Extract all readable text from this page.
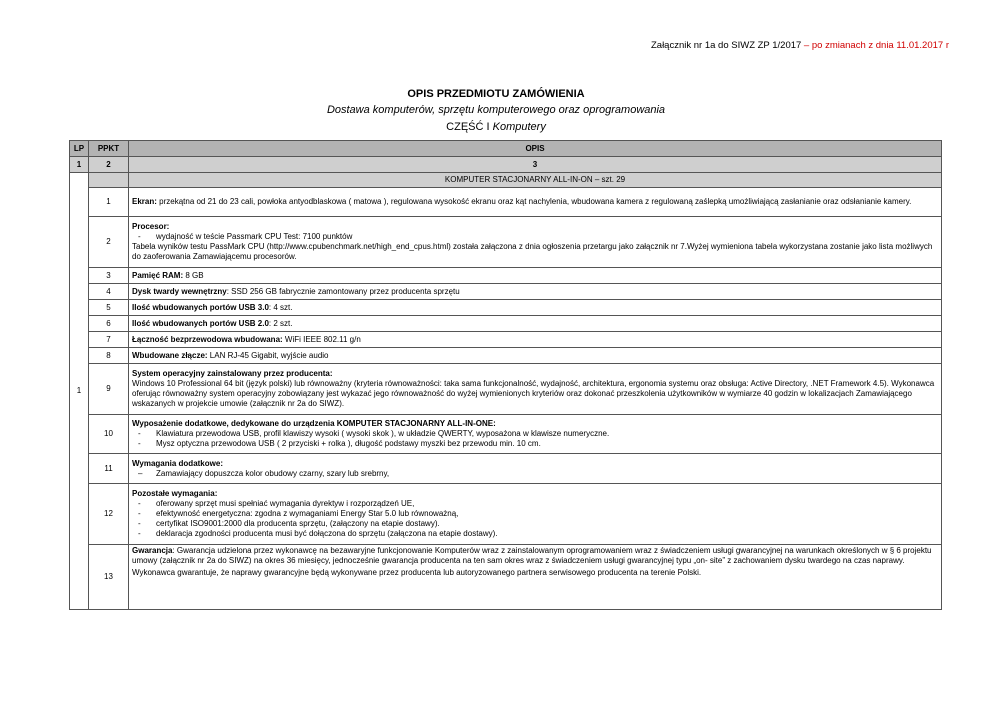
Załącznik nr 1a do SIWZ ZP 1/2017 – po zmianach z dnia 11.01.2017 r
OPIS PRZEDMIOTU ZAMÓWIENIA
Dostawa komputerów, sprzętu komputerowego oraz oprogramowania
CZĘŚĆ I Komputery
LP	PPKT	OPIS
1	2	3
1		KOMPUTER STACJONARNY ALL-IN-ON – szt. 29
	1	Ekran: przekątna od 21 do 23 cali, powłoka antyodblaskowa ( matowa ), regulowana wysokość ekranu oraz kąt nachylenia, wbudowana kamera z regulowaną zaślepką umożliwiającą zasłanianie oraz odsłanianie kamery.
	2	Procesor:
- wydajność w teście Passmark CPU Test: 7100 punktów
Tabela wyników testu PassMark CPU (http://www.cpubenchmark.net/high_end_cpus.html) została załączona z dnia ogłoszenia przetargu jako załącznik nr 7.Wyżej wymieniona tabela wykorzystana zostanie jako lista możliwych do zaoferowania Zamawiającemu procesorów.
	3	Pamięć RAM: 8 GB
	4	Dysk twardy wewnętrzny: SSD 256 GB fabrycznie zamontowany przez producenta sprzętu
	5	Ilość wbudowanych portów USB 3.0: 4 szt.
	6	Ilość wbudowanych portów USB 2.0: 2 szt.
	7	Łączność bezprzewodowa wbudowana: WiFi IEEE 802.11 g/n
	8	Wbudowane złącze: LAN RJ-45 Gigabit, wyjście audio
	9	System operacyjny zainstalowany przez producenta:
Windows 10 Professional 64 bit (język polski) lub równoważny (kryteria równoważności: taka sama funkcjonalność, wydajność, architektura, ergonomia systemu oraz obsługa: Active Directory, .NET Framework 4.5). Wykonawca oferując równoważny system operacyjny zobowiązany jest wykazać jego równoważność do wyżej wymienionych kryteriów oraz dokonać przeszkolenia użytkowników w wymiarze 40 godzin w lokalizacjach Zamawiającego wskazanych w projekcie umowie (załącznik nr 2a do SIWZ).
	10	Wyposażenie dodatkowe, dedykowane do urządzenia KOMPUTER STACJONARNY ALL-IN-ONE:
- Klawiatura przewodowa USB, profil klawiszy wysoki ( wysoki skok ), w układzie QWERTY, wyposażona w klawisze numeryczne.
- Mysz optyczna przewodowa USB ( 2 przyciski + rolka ), długość podstawy myszki bez przewodu min. 10 cm.

	11	Wymagania dodatkowe:
– Zamawiający dopuszcza kolor obudowy czarny, szary lub srebrny,

	12	Pozostałe wymagania:
- oferowany sprzęt musi spełniać wymagania dyrektyw i rozporządzeń UE,
- efektywność energetyczna: zgodna z wymaganiami Energy Star 5.0 lub równoważną,
- certyfikat ISO9001:2000 dla producenta sprzętu, (załączony na etapie dostawy).
- deklaracja zgodności producenta musi być dołączona do sprzętu (załączona na etapie dostawy).

	13	Gwarancja: Gwarancja udzielona przez wykonawcę na bezawaryjne funkcjonowanie Komputerów wraz z zainstalowanym oprogramowaniem wraz z świadczeniem usługi gwarancyjnej na warunkach określonych w § 6 projektu umowy (załącznik nr 2a do SIWZ) na okres 36 miesięcy, jednocześnie gwarancja producenta na ten sam okres wraz z świadczeniem usługi gwarancyjnej typu „on- site” z zachowaniem dysku twardego na czas naprawy.
Wykonawca gwarantuje, że naprawy gwarancyjne będą wykonywane przez producenta lub autoryzowanego partnera serwisowego producenta na terenie Polski.
